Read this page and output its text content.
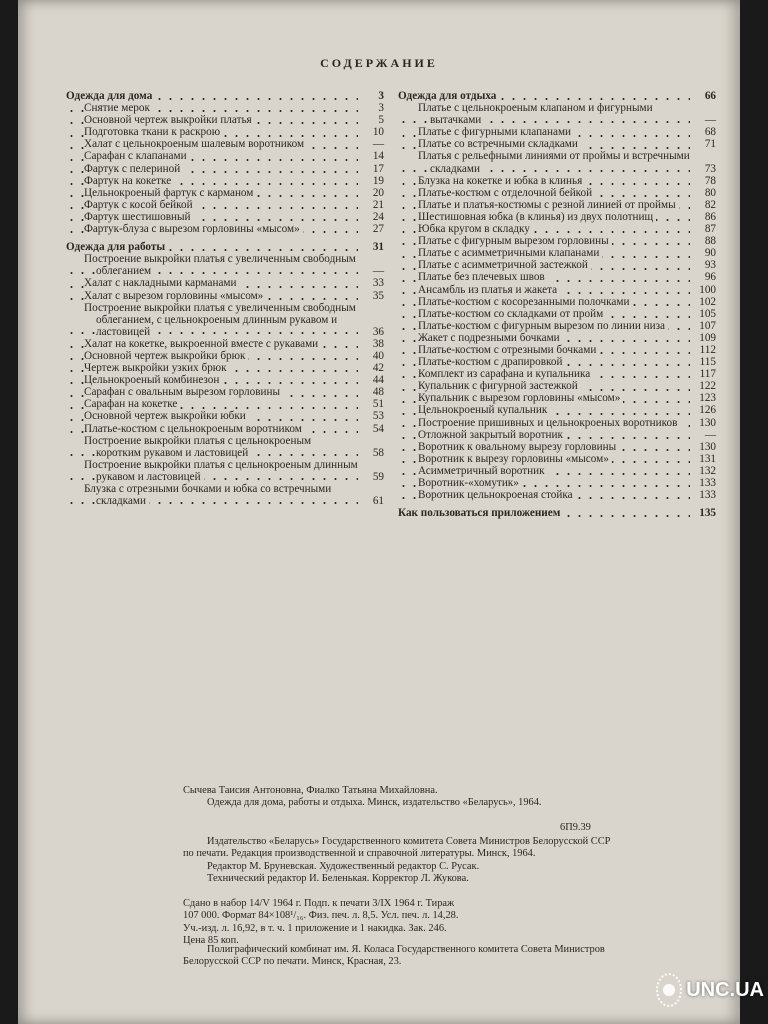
СОДЕРЖАНИЕ
Одежда для дома	3
Снятие мерок	3
Основной чертеж выкройки платья	5
Подготовка ткани к раскрою	10
Халат с цельнокроеным шалевым воротником	—
Сарафан с клапанами	14
Фартук с пелериной	17
Фартук на кокетке	19
Цельнокроеный фартук с карманом	20
Фартук с косой бейкой	21
Фартук шестишовный	24
Фартук-блуза с вырезом горловины «мысом»	27
Одежда для работы	31
Построение выкройки платья с увеличенным свободным облеганием	—
Халат с накладными карманами	33
Халат с вырезом горловины «мысом»	35
Построение выкройки платья с увеличенным свободным облеганием, с цельнокроеным длинным рукавом и ластовицей	36
Халат на кокетке, выкроенной вместе с рукавами	38
Основной чертеж выкройки брюк	40
Чертеж выкройки узких брюк	42
Цельнокроеный комбинезон	44
Сарафан с овальным вырезом горловины	48
Сарафан на кокетке	51
Основной чертеж выкройки юбки	53
Платье-костюм с цельнокроеным воротником	54
Построение выкройки платья с цельнокроеным коротким рукавом и ластовицей	58
Построение выкройки платья с цельнокроеным длинным рукавом и ластовицей	59
Блузка с отрезными бочками и юбка со встречными складками	61
Одежда для отдыха	66
Платье с цельнокроеным клапаном и фигурными вытачками	—
Платье с фигурными клапанами	68
Платье со встречными складками	71
Платья с рельефными линиями от проймы и встречными складками	73
Блузка на кокетке и юбка в клинья	78
Платье-костюм с отделочной бейкой	80
Платье и платья-костюмы с резной линией от проймы	82
Шестишовная юбка (в клинья) из двух полотнищ	86
Юбка кругом в складку	87
Платье с фигурным вырезом горловины	88
Платье с асимметричными клапанами	90
Платье с асимметричной застежкой	93
Платье без плечевых швов	96
Ансамбль из платья и жакета	100
Платье-костюм с косорезанными полочками	102
Платье-костюм со складками от пройм	105
Платье-костюм с фигурным вырезом по линии низа	107
Жакет с подрезными бочками	109
Платье-костюм с отрезными бочками	112
Платье-костюм с драпировкой	115
Комплект из сарафана и купальника	117
Купальник с фигурной застежкой	122
Купальник с вырезом горловины «мысом»	123
Цельнокроеный купальник	126
Построение пришивных и цельнокроеных воротников	130
Отложной закрытый воротник	—
Воротник к овальному вырезу горловины	130
Воротник к вырезу горловины «мысом»	131
Асимметричный воротник	132
Воротник-«хомутик»	133
Воротник цельнокроеная стойка	133
Как пользоваться приложением	135
Сычева Таисия Антоновна, Фиалко Татьяна Михайловна.
Одежда для дома, работы и отдыха. Минск, издательство «Беларусь», 1964.
6П9.39
Издательство «Беларусь» Государственного комитета Совета Министров Белорусской ССР по печати. Редакция производственной и справочной литературы. Минск, 1964.

Редактор М. Бруневская. Художественный редактор С. Русак.

Технический редактор И. Беленькая. Корректор Л. Жукова.

Сдано в набор 14/V 1964 г. Подп. к печати 3/IX 1964 г. Тираж

107 000. Формат 84×108¹/₁₆. Физ. печ. л. 8,5. Усл. печ. л. 14,28.

Уч.-изд. л. 16,92, в т. ч. 1 приложение и 1 накидка. Зак. 246.

Цена 85 коп.

Полиграфический комбинат им. Я. Коласа Государственного комитета Совета Министров Белорусской ССР по печати. Минск, Красная, 23.
UNC.UA
